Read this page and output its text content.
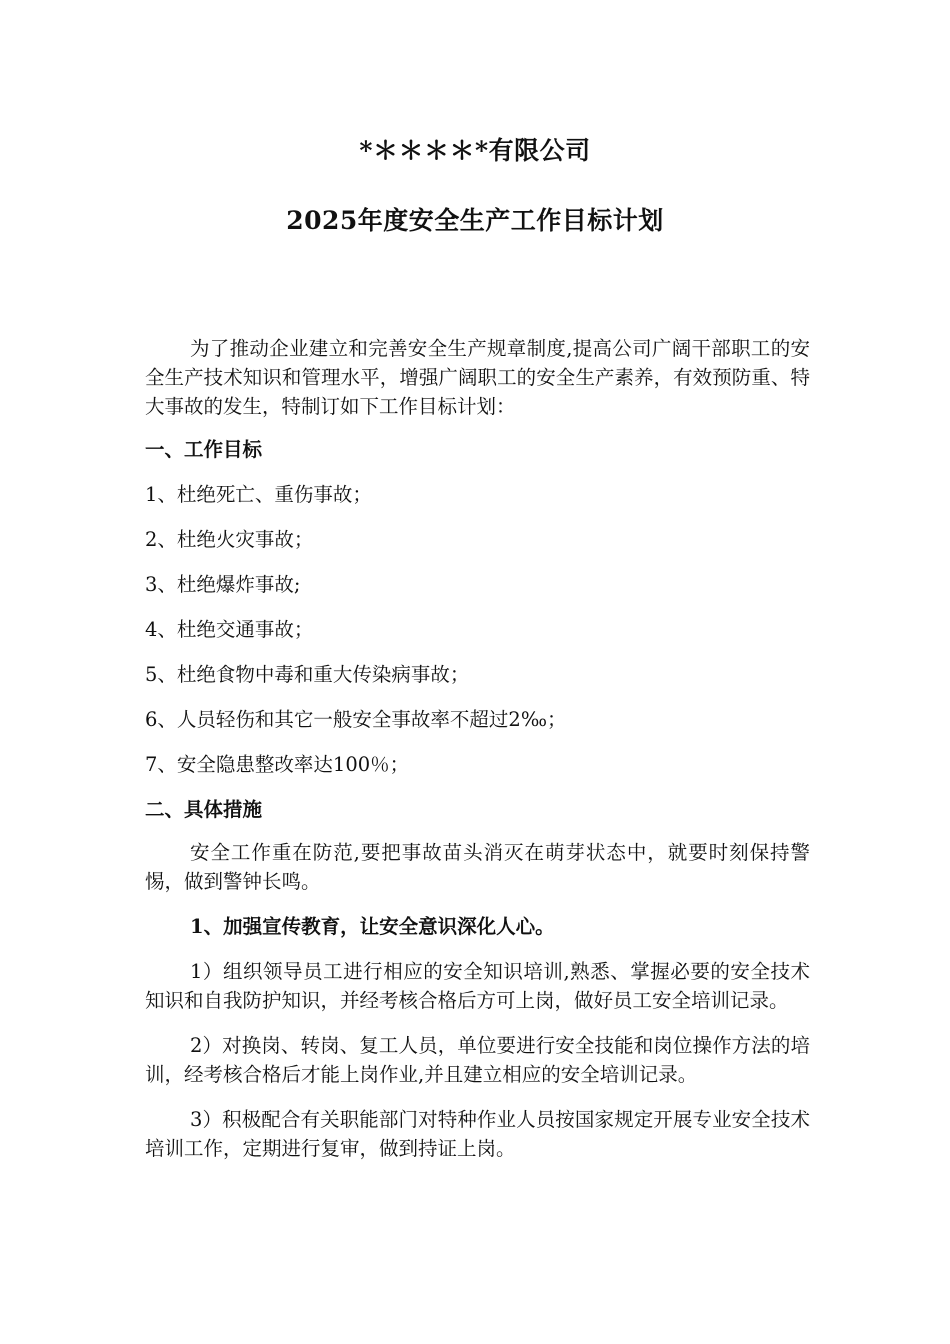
*＊＊＊＊*有限公司
2025年度安全生产工作目标计划

为了推动企业建立和完善安全生产规章制度,提高公司广阔干部职工的安全生产技术知识和管理水平，增强广阔职工的安全生产素养，有效预防重、特大事故的发生，特制订如下工作目标计划：

一、工作目标

1、杜绝死亡、重伤事故；

2、杜绝火灾事故；

3、杜绝爆炸事故;

4、杜绝交通事故；

5、杜绝食物中毒和重大传染病事故；

6、人员轻伤和其它一般安全事故率不超过2‰；

7、安全隐患整改率达100％；

二、具体措施

安全工作重在防范,要把事故苗头消灭在萌芽状态中，就要时刻保持警惕，做到警钟长鸣。

1、加强宣传教育，让安全意识深化人心。

1）组织领导员工进行相应的安全知识培训,熟悉、掌握必要的安全技术知识和自我防护知识，并经考核合格后方可上岗，做好员工安全培训记录。

2）对换岗、转岗、复工人员，单位要进行安全技能和岗位操作方法的培训，经考核合格后才能上岗作业,并且建立相应的安全培训记录。

3）积极配合有关职能部门对特种作业人员按国家规定开展专业安全技术培训工作，定期进行复审，做到持证上岗。
